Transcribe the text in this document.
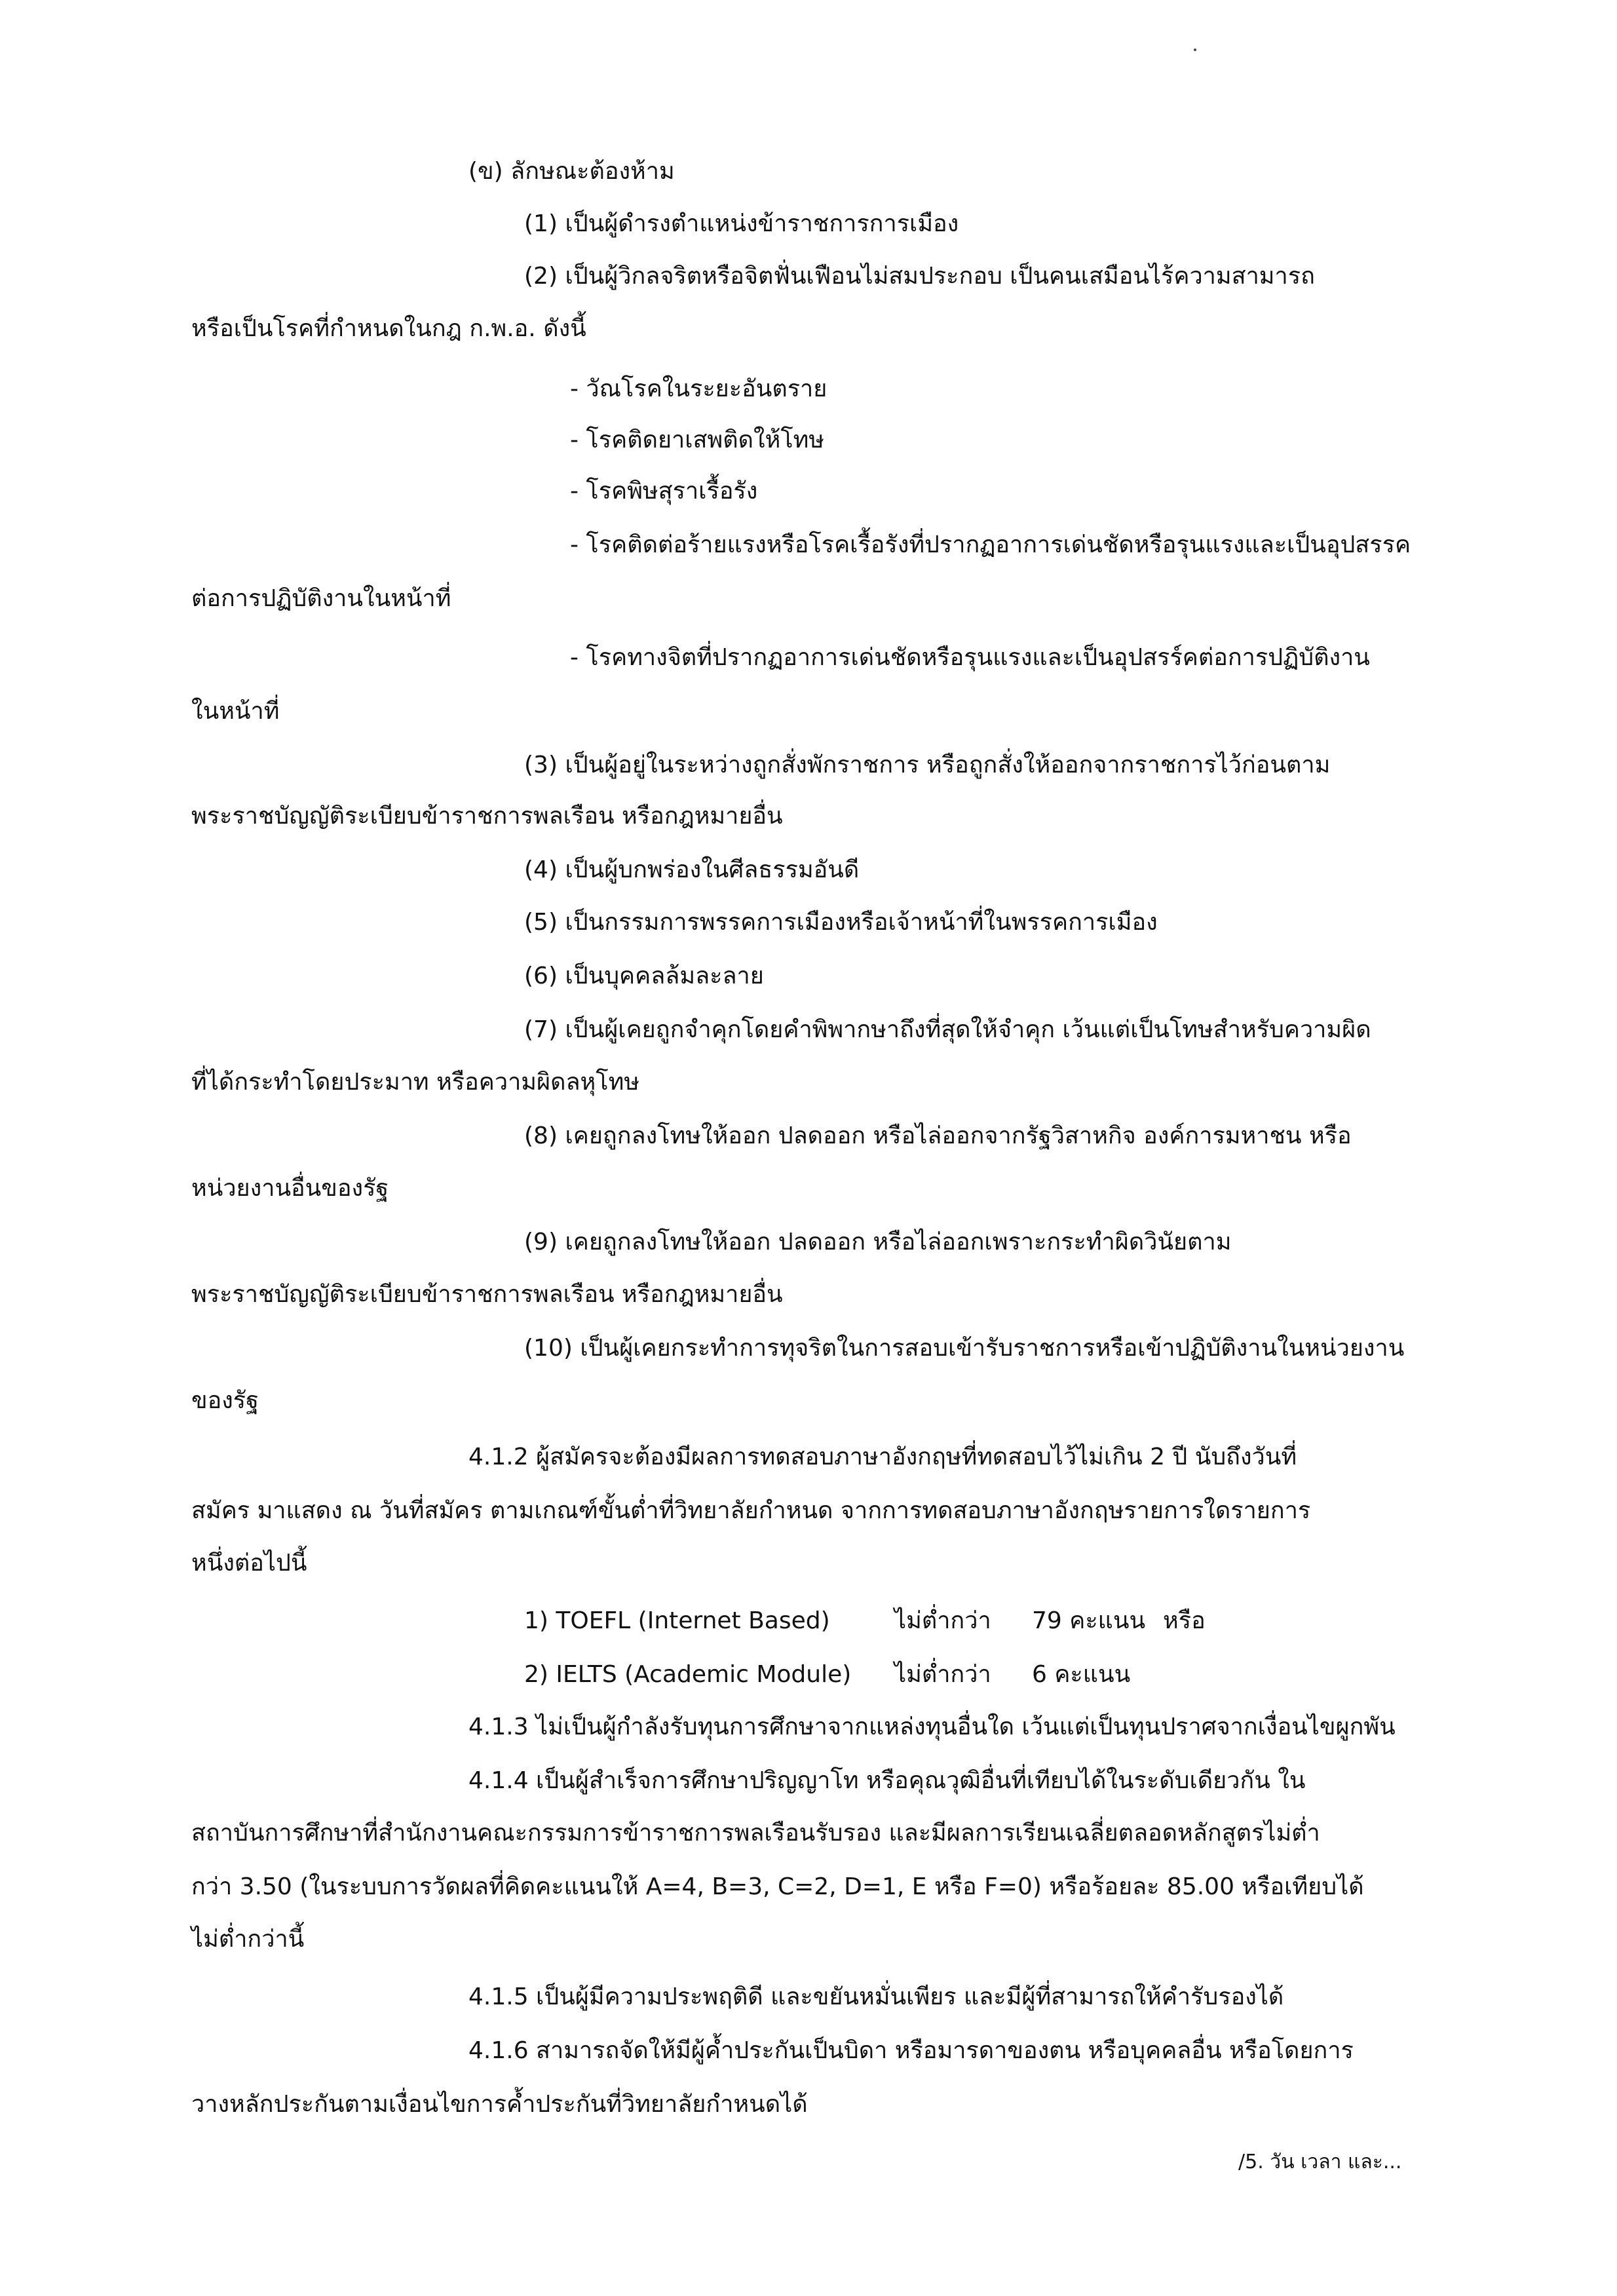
(ข) ลักษณะต้องห้าม
(1) เป็นผู้ดำรงตำแหน่งข้าราชการการเมือง
(2) เป็นผู้วิกลจริตหรือจิตฟั่นเฟือนไม่สมประกอบ เป็นคนเสมือนไร้ความสามารถ
หรือเป็นโรคที่กำหนดในกฎ ก.พ.อ. ดังนี้
- วัณโรคในระยะอันตราย
- โรคติดยาเสพติดให้โทษ
- โรคพิษสุราเรื้อรัง
- โรคติดต่อร้ายแรงหรือโรคเรื้อรังที่ปรากฏอาการเด่นชัดหรือรุนแรงและเป็นอุปสรรค
ต่อการปฏิบัติงานในหน้าที่
- โรคทางจิตที่ปรากฏอาการเด่นชัดหรือรุนแรงและเป็นอุปสรร์คต่อการปฏิบัติงาน
ในหน้าที่
(3) เป็นผู้อยู่ในระหว่างถูกสั่งพักราชการ หรือถูกสั่งให้ออกจากราชการไว้ก่อนตาม
พระราชบัญญัติระเบียบข้าราชการพลเรือน หรือกฎหมายอื่น
(4) เป็นผู้บกพร่องในศีลธรรมอันดี
(5) เป็นกรรมการพรรคการเมืองหรือเจ้าหน้าที่ในพรรคการเมือง
(6) เป็นบุคคลล้มละลาย
(7) เป็นผู้เคยถูกจำคุกโดยคำพิพากษาถึงที่สุดให้จำคุก เว้นแต่เป็นโทษสำหรับความผิด
ที่ได้กระทำโดยประมาท หรือความผิดลหุโทษ
(8) เคยถูกลงโทษให้ออก ปลดออก หรือไล่ออกจากรัฐวิสาหกิจ องค์การมหาชน หรือ
หน่วยงานอื่นของรัฐ
(9) เคยถูกลงโทษให้ออก ปลดออก หรือไล่ออกเพราะกระทำผิดวินัยตาม
พระราชบัญญัติระเบียบข้าราชการพลเรือน หรือกฎหมายอื่น
(10) เป็นผู้เคยกระทำการทุจริตในการสอบเข้ารับราชการหรือเข้าปฏิบัติงานในหน่วยงาน
ของรัฐ
4.1.2 ผู้สมัครจะต้องมีผลการทดสอบภาษาอังกฤษที่ทดสอบไว้ไม่เกิน 2 ปี นับถึงวันที่
สมัคร มาแสดง ณ วันที่สมัคร ตามเกณฑ์ขั้นต่ำที่วิทยาลัยกำหนด จากการทดสอบภาษาอังกฤษรายการใดรายการ
หนึ่งต่อไปนี้
1) TOEFL (Internet Based)	ไม่ต่ำกว่า 79 คะแนน หรือ
2) IELTS (Academic Module) ไม่ต่ำกว่า 6 คะแนน
4.1.3 ไม่เป็นผู้กำลังรับทุนการศึกษาจากแหล่งทุนอื่นใด เว้นแต่เป็นทุนปราศจากเงื่อนไขผูกพัน
4.1.4 เป็นผู้สำเร็จการศึกษาปริญญาโท หรือคุณวุฒิอื่นที่เทียบได้ในระดับเดียวกัน ใน
สถาบันการศึกษาที่สำนักงานคณะกรรมการข้าราชการพลเรือนรับรอง และมีผลการเรียนเฉลี่ยตลอดหลักสูตรไม่ต่ำ
กว่า 3.50 (ในระบบการวัดผลที่คิดคะแนนให้ A=4, B=3, C=2, D=1, E หรือ F=0) หรือร้อยละ 85.00 หรือเทียบได้
ไม่ต่ำกว่านี้
4.1.5 เป็นผู้มีความประพฤติดี และขยันหมั่นเพียร และมีผู้ที่สามารถให้คำรับรองได้
4.1.6 สามารถจัดให้มีผู้ค้ำประกันเป็นบิดา หรือมารดาของตน หรือบุคคลอื่น หรือโดยการ
วางหลักประกันตามเงื่อนไขการค้ำประกันที่วิทยาลัยกำหนดได้
/5. วัน เวลา และ...
